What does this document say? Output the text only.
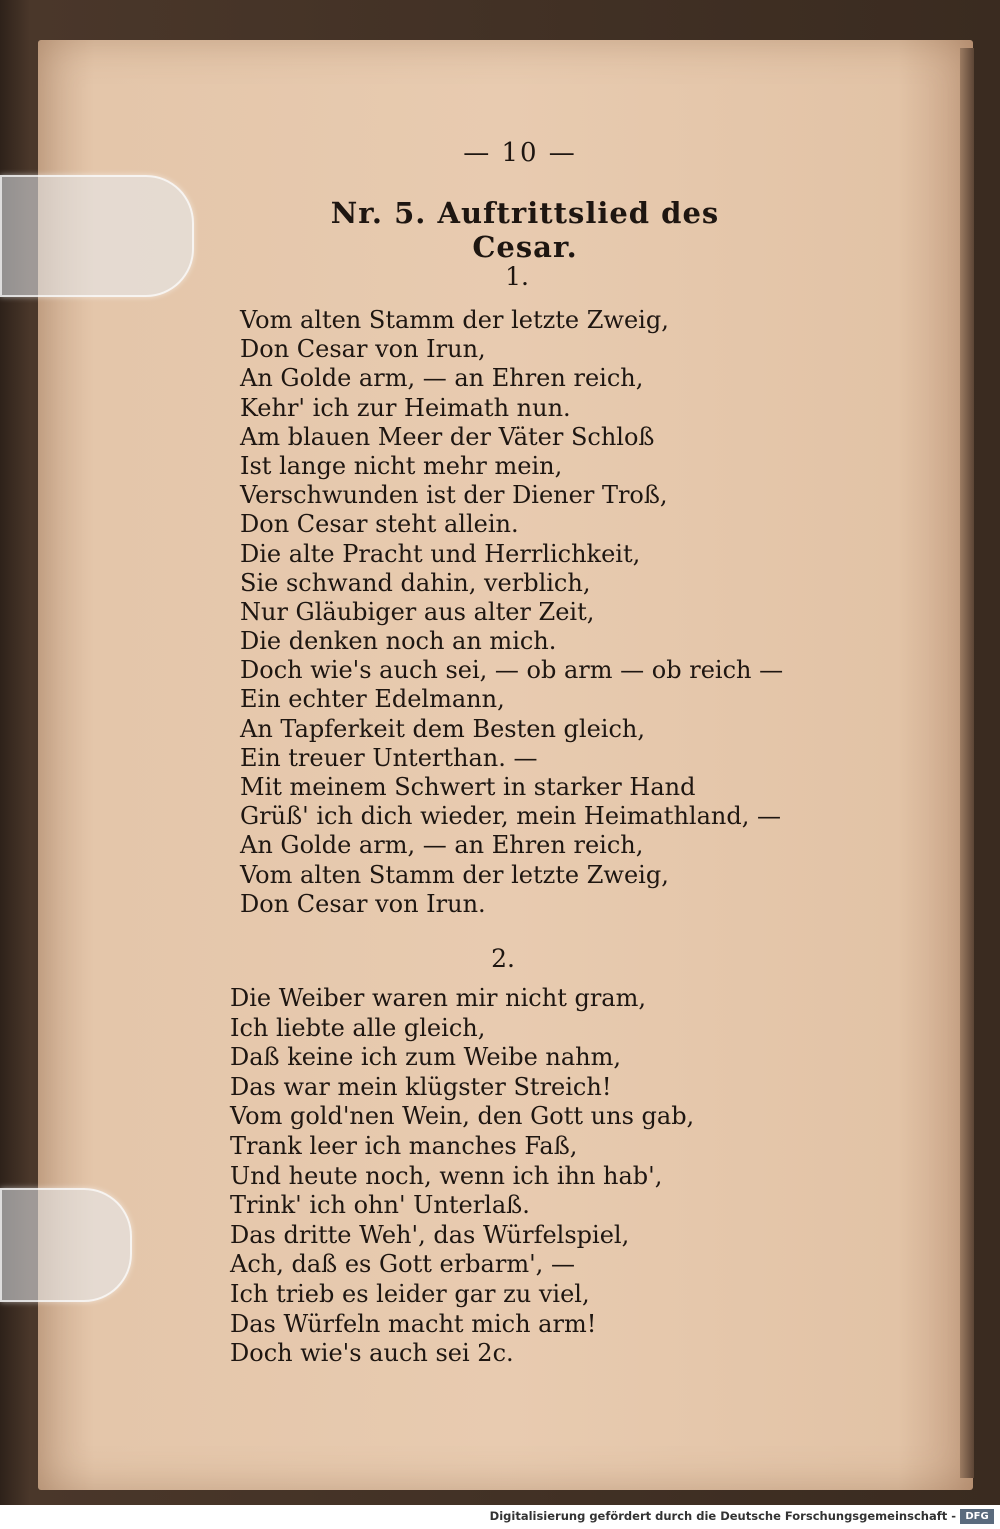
— 10 —
Nr. 5. Auftrittslied des Cesar.
1.
Vom alten Stamm der letzte Zweig,
Don Cesar von Irun,
An Golde arm, — an Ehren reich,
Kehr' ich zur Heimath nun.
Am blauen Meer der Väter Schloß
Ist lange nicht mehr mein,
Verschwunden ist der Diener Troß,
Don Cesar steht allein.
Die alte Pracht und Herrlichkeit,
Sie schwand dahin, verblich,
Nur Gläubiger aus alter Zeit,
Die denken noch an mich.
Doch wie's auch sei, — ob arm — ob reich —
Ein echter Edelmann,
An Tapferkeit dem Besten gleich,
Ein treuer Unterthan. —
Mit meinem Schwert in starker Hand
Grüß' ich dich wieder, mein Heimathland, —
An Golde arm, — an Ehren reich,
Vom alten Stamm der letzte Zweig,
Don Cesar von Irun.
2.
Die Weiber waren mir nicht gram,
Ich liebte alle gleich,
Daß keine ich zum Weibe nahm,
Das war mein klügster Streich!
Vom gold'nen Wein, den Gott uns gab,
Trank leer ich manches Faß,
Und heute noch, wenn ich ihn hab',
Trink' ich ohn' Unterlaß.
Das dritte Weh', das Würfelspiel,
Ach, daß es Gott erbarm', —
Ich trieb es leider gar zu viel,
Das Würfeln macht mich arm!
Doch wie's auch sei 2c.
Digitalisierung gefördert durch die Deutsche Forschungsgemeinschaft - DFG
